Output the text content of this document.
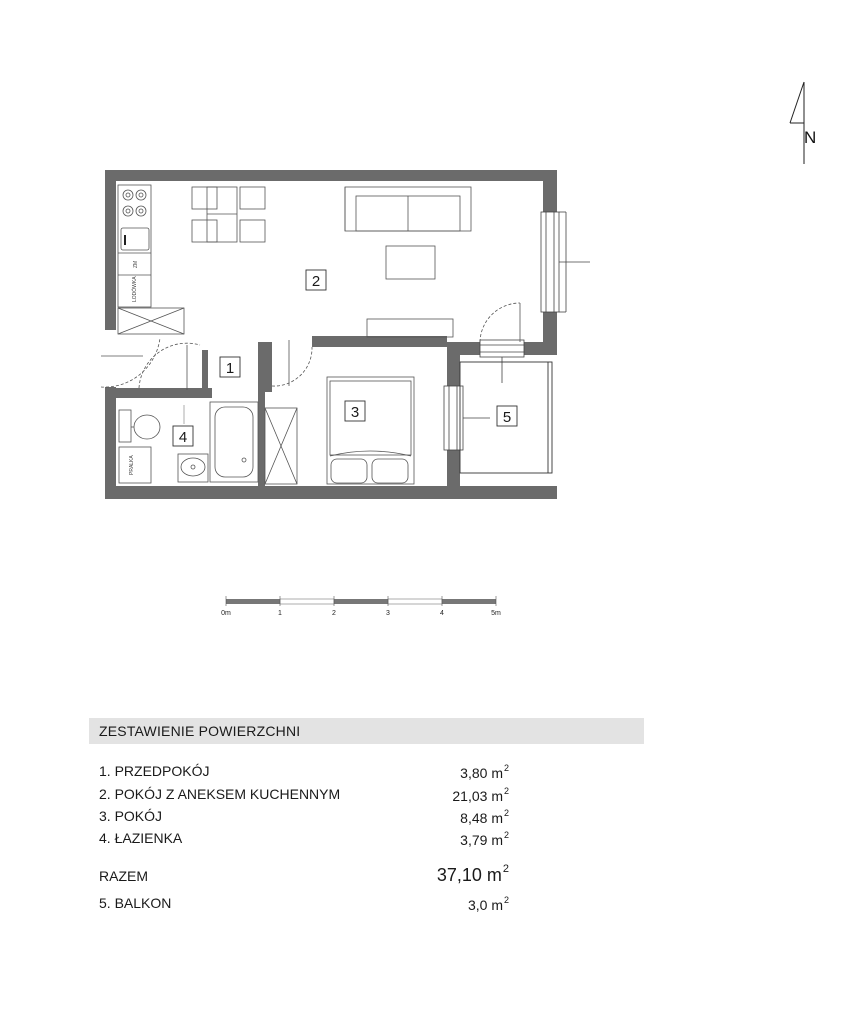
N
ZM
LODÓWKA
PRALKA
1
2
3
4
5
0m	1	2	3	4	5m
ZESTAWIENIE POWIERZCHNI
1. PRZEDPOKÓJ	3,80 $m^2$
2. POKÓJ Z ANEKSEM KUCHENNYM	21,03 $m^2$
3. POKÓJ	8,48 $m^2$
4. ŁAZIENKA	3,79 $m^2$
RAZEM	37,10 $m^2$
5. BALKON	3,0 $m^2$
